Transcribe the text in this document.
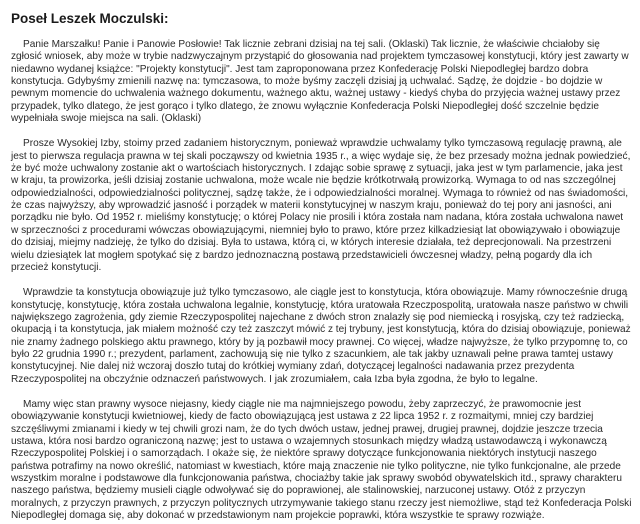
Poseł Leszek Moczulski:

Panie Marszałku! Panie i Panowie Posłowie! Tak licznie zebrani dzisiaj na tej sali. (Oklaski) Tak licznie, że właściwie chciałoby się zgłosić wniosek, aby może w trybie nadzwyczajnym przystąpić do głosowania nad projektem tymczasowej konstytucji, który jest zawarty w niedawno wydanej książce: "Projekty konstytucji". Jest tam zaproponowana przez Konfederację Polski Niepodległej bardzo dobra konstytucja. Gdybyśmy zmienili nazwę na: tymczasowa, to może byśmy zaczęli dzisiaj ją uchwalać. Sądzę, że dojdzie - bo dojdzie w pewnym momencie do uchwalenia ważnego dokumentu, ważnego aktu, ważnej ustawy - kiedyś chyba do przyjęcia ważnej ustawy przez przypadek, tylko dlatego, że jest gorąco i tylko dlatego, że znowu wyłącznie Konfederacja Polski Niepodległej dość szczelnie będzie wypełniała swoje miejsca na sali. (Oklaski)

Prosze Wysokiej Izby, stoimy przed zadaniem historycznym, ponieważ wprawdzie uchwalamy tylko tymczasową regulację prawną, ale jest to pierwsza regulacja prawna w tej skali począwszy od kwietnia 1935 r., a więc wydaje się, że bez przesady można jednak powiedzieć, że być może uchwalony zostanie akt o wartościach historycznych. I zdając sobie sprawę z sytuacji, jaka jest w tym parlamencie, jaka jest w kraju, ta prowizorka, jeśli dzisiaj zostanie uchwalona, może wcale nie będzie krótkotrwałą prowizorką. Wymaga to od nas szczególnej odpowiedzialności, odpowiedzialności politycznej, sądzę także, że i odpowiedzialności moralnej. Wymaga to również od nas świadomości, że czas najwyższy, aby wprowadzić jasność i porządek w materii konstytucyjnej w naszym kraju, ponieważ do tej pory ani jasności, ani porządku nie było. Od 1952 r. mieliśmy konstytucję; o której Polacy nie prosili i która została nam nadana, która została uchwalona nawet w sprzeczności z procedurami wówczas obowiązującymi, niemniej było to prawo, które przez kilkadziesiąt lat obowiązywało i obowiązuje do dzisiaj, miejmy nadzieję, że tylko do dzisiaj. Była to ustawa, którą ci, w których interesie działała, też deprecjonowali. Na przestrzeni wielu dziesiątek lat mogłem spotykać się z bardzo jednoznaczną postawą przedstawicieli ówczesnej władzy, pełną pogardy dla ich przecież konstytucji.

Wprawdzie ta konstytucja obowiązuje już tylko tymczasowo, ale ciągle jest to konstytucja, która obowiązuje. Mamy równocześnie drugą konstytucję, konstytucję, która została uchwalona legalnie, konstytucję, która uratowała Rzeczpospolitą, uratowała nasze państwo w chwili największego zagrożenia, gdy ziemie Rzeczypospolitej najechane z dwóch stron znalazły się pod niemiecką i rosyjską, czy też radziecką, okupacją i ta konstytucja, jak miałem możność czy też zaszczyt mówić z tej trybuny, jest konstytucją, która do dzisiaj obowiązuje, ponieważ nie znamy żadnego polskiego aktu prawnego, który by ją pozbawił mocy prawnej. Co więcej, władze najwyższe, że tylko przypomnę to, co było 22 grudnia 1990 r.; prezydent, parlament, zachowują się nie tylko z szacunkiem, ale tak jakby uznawali pełne prawa tamtej ustawy konstytucyjnej. Nie dalej niż wczoraj doszło tutaj do krótkiej wymiany zdań, dotyczącej legalności nadawania przez prezydenta Rzeczypospolitej na obczyźnie odznaczeń państwowych. I jak zrozumiałem, cała Izba była zgodna, że było to legalne.

Mamy więc stan prawny wysoce niejasny, kiedy ciągle nie ma najmniejszego powodu, żeby zaprzeczyć, że prawomocnie jest obowiązywanie konstytucji kwietniowej, kiedy de facto obowiązującą jest ustawa z 22 lipca 1952 r. z rozmaitymi, mniej czy bardziej szczęśliwymi zmianami i kiedy w tej chwili grozi nam, że do tych dwóch ustaw, jednej prawej, drugiej prawnej, dojdzie jeszcze trzecia ustawa, która nosi bardzo ograniczoną nazwę; jest to ustawa o wzajemnych stosunkach między władzą ustawodawczą i wykonawczą Rzeczypospolitej Polskiej i o samorządach. I okaże się, że niektóre sprawy dotyczące funkcjonowania niektórych instytucji naszego państwa potrafimy na nowo określić, natomiast w kwestiach, które mają znaczenie nie tylko polityczne, nie tylko funkcjonalne, ale przede wszystkim moralne i podstawowe dla funkcjonowania państwa, chociażby takie jak sprawy swobód obywatelskich itd., sprawy charakteru naszego państwa, będziemy musieli ciągle odwoływać się do poprawionej, ale stalinowskiej, narzuconej ustawy. Otóż z przyczyn moralnych, z przyczyn prawnych, z przyczyn politycznych utrzymywanie takiego stanu rzeczy jest niemożliwe, stąd też Konfederacja Polski Niepodległej domaga się, aby dokonać w przedstawionym nam projekcie poprawki, która wszystkie te sprawy rozwiąże.
